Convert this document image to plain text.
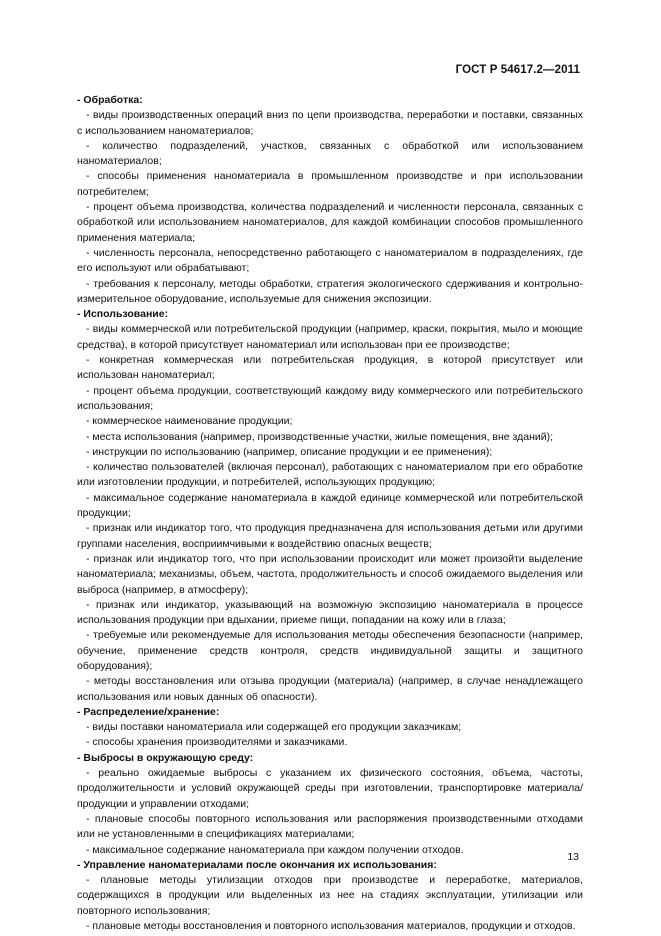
ГОСТ Р 54617.2—2011

- Обработка:

- виды производственных операций вниз по цепи производства, переработки и поставки, связанных с использованием наноматериалов;

- количество подразделений, участков, связанных с обработкой или использованием наноматериалов;

- способы применения наноматериала в промышленном производстве и при использовании потребителем;

- процент объема производства, количества подразделений и численности персонала, связанных с обработкой или использованием наноматериалов, для каждой комбинации способов промышленного применения материала;

- численность персонала, непосредственно работающего с наноматериалом в подразделениях, где его используют или обрабатывают;

- требования к персоналу, методы обработки, стратегия экологического сдерживания и контрольно-измерительное оборудование, используемые для снижения экспозиции.

- Использование:

- виды коммерческой или потребительской продукции (например, краски, покрытия, мыло и моющие средства), в которой присутствует наноматериал или использован при ее производстве;

- конкретная коммерческая или потребительская продукция, в которой присутствует или использован наноматериал;

- процент объема продукции, соответствующий каждому виду коммерческого или потребительского использования;

- коммерческое наименование продукции;

- места использования (например, производственные участки, жилые помещения, вне зданий);

- инструкции по использованию (например, описание продукции и ее применения);

- количество пользователей (включая персонал), работающих с наноматериалом при его обработке или изготовлении продукции, и потребителей, использующих продукцию;

- максимальное содержание наноматериала в каждой единице коммерческой или потребительской продукции;

- признак или индикатор того, что продукция предназначена для использования детьми или другими группами населения, восприимчивыми к воздействию опасных веществ;

- признак или индикатор того, что при использовании происходит или может произойти выделение наноматериала; механизмы, объем, частота, продолжительность и способ ожидаемого выделения или выброса (например, в атмосферу);

- признак или индикатор, указывающий на возможную экспозицию наноматериала в процессе использования продукции при вдыхании, приеме пищи, попадании на кожу или в глаза;

- требуемые или рекомендуемые для использования методы обеспечения безопасности (например, обучение, применение средств контроля, средств индивидуальной защиты и защитного оборудования);

- методы восстановления или отзыва продукции (материала) (например, в случае ненадлежащего использования или новых данных об опасности).

- Распределение/хранение:

- виды поставки наноматериала или содержащей его продукции заказчикам;

- способы хранения производителями и заказчиками.

- Выбросы в окружающую среду:

- реально ожидаемые выбросы с указанием их физического состояния, объема, частоты, продолжительности и условий окружающей среды при изготовлении, транспортировке материала/продукции и управлении отходами;

- плановые способы повторного использования или распоряжения производственными отходами или не установленными в спецификациях материалами;

- максимальное содержание наноматериала при каждом получении отходов.

- Управление наноматериалами после окончания их использования:

- плановые методы утилизации отходов при производстве и переработке, материалов, содержащихся в продукции или выделенных из нее на стадиях эксплуатации, утилизации или повторного использования;

- плановые методы восстановления и повторного использования материалов, продукции и отходов.

13
